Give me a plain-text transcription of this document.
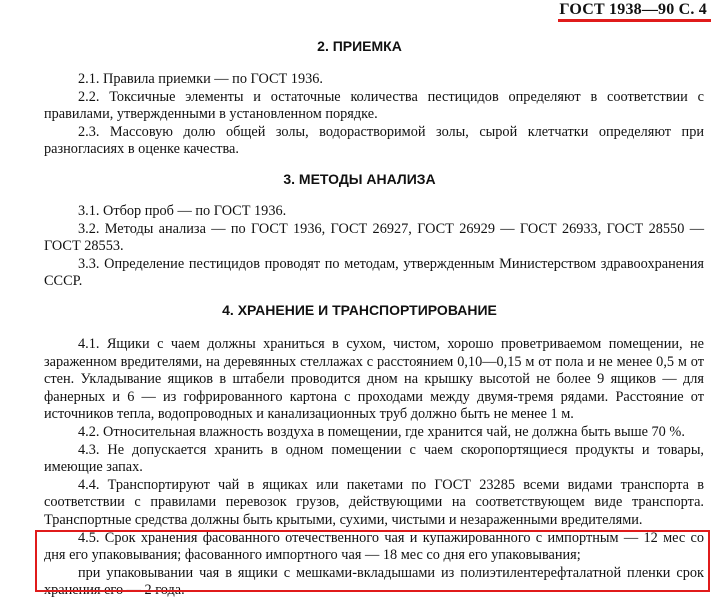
ГОСТ 1938—90 С. 4
2. ПРИЕМКА

2.1. Правила приемки — по ГОСТ 1936.

2.2. Токсичные элементы и остаточные количества пестицидов определяют в соответствии с правилами, утвержденными в установленном порядке.

2.3. Массовую долю общей золы, водорастворимой золы, сырой клетчатки определяют при разногласиях в оценке качества.

3. МЕТОДЫ АНАЛИЗА

3.1. Отбор проб — по ГОСТ 1936.

3.2. Методы анализа — по ГОСТ 1936, ГОСТ 26927, ГОСТ 26929 — ГОСТ 26933, ГОСТ 28550 — ГОСТ 28553.

3.3. Определение пестицидов проводят по методам, утвержденным Министерством здравоохранения СССР.

4. ХРАНЕНИЕ И ТРАНСПОРТИРОВАНИЕ

4.1. Ящики с чаем должны храниться в сухом, чистом, хорошо проветриваемом помещении, не зараженном вредителями, на деревянных стеллажах с расстоянием 0,10—0,15 м от пола и не менее 0,5 м от стен. Укладывание ящиков в штабели проводится дном на крышку высотой не более 9 ящиков — для фанерных и 6 — из гофрированного картона с проходами между двумя-тремя рядами. Расстояние от источников тепла, водопроводных и канализационных труб должно быть не менее 1 м.

4.2. Относительная влажность воздуха в помещении, где хранится чай, не должна быть выше 70 %.

4.3. Не допускается хранить в одном помещении с чаем скоропортящиеся продукты и товары, имеющие запах.

4.4. Транспортируют чай в ящиках или пакетами по ГОСТ 23285 всеми видами транспорта в соответствии с правилами перевозок грузов, действующими на соответствующем виде транспорта. Транспортные средства должны быть крытыми, сухими, чистыми и незараженными вредителями.

4.5. Срок хранения фасованного отечественного чая и купажированного с импортным — 12 мес со дня его упаковывания; фасованного импортного чая — 18 мес со дня его упаковывания;

при упаковывании чая в ящики с мешками-вкладышами из полиэтилентерефталатной пленки срок хранения его — 2 года.
